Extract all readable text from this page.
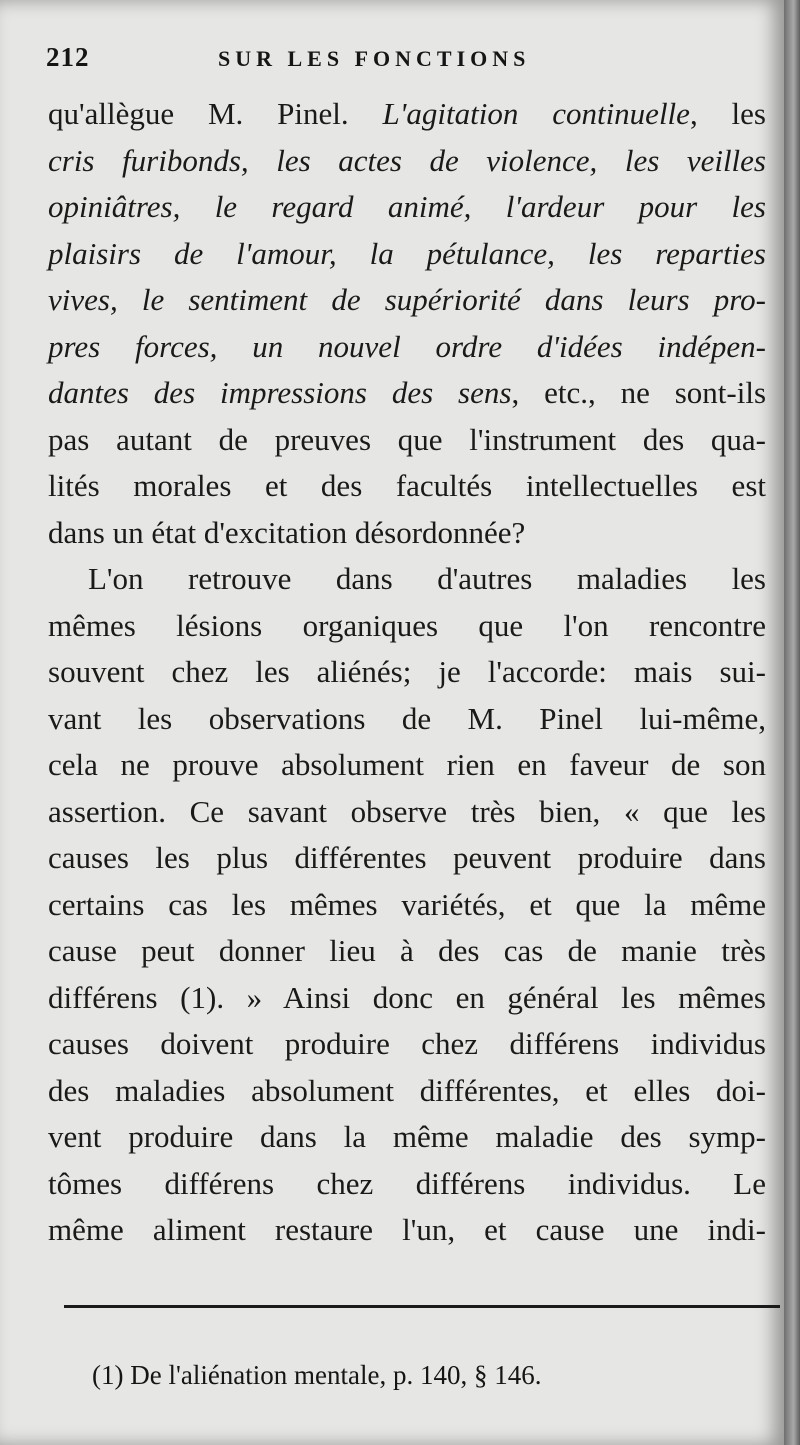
212	SUR LES FONCTIONS
qu'allègue M. Pinel. L'agitation continuelle, les
cris furibonds, les actes de violence, les veilles
opiniâtres, le regard animé, l'ardeur pour les
plaisirs de l'amour, la pétulance, les reparties
vives, le sentiment de supériorité dans leurs pro-
pres forces, un nouvel ordre d'idées indépen-
dantes des impressions des sens, etc., ne sont-ils
pas autant de preuves que l'instrument des qua-
lités morales et des facultés intellectuelles est
dans un état d'excitation désordonnée?
L'on retrouve dans d'autres maladies les
mêmes lésions organiques que l'on rencontre
souvent chez les aliénés; je l'accorde: mais sui-
vant les observations de M. Pinel lui-même,
cela ne prouve absolument rien en faveur de son
assertion. Ce savant observe très bien, « que les
causes les plus différentes peuvent produire dans
certains cas les mêmes variétés, et que la même
cause peut donner lieu à des cas de manie très
différens (1). » Ainsi donc en général les mêmes
causes doivent produire chez différens individus
des maladies absolument différentes, et elles doi-
vent produire dans la même maladie des symp-
tômes différens chez différens individus. Le
même aliment restaure l'un, et cause une indi-
(1) De l'aliénation mentale, p. 140, § 146.
